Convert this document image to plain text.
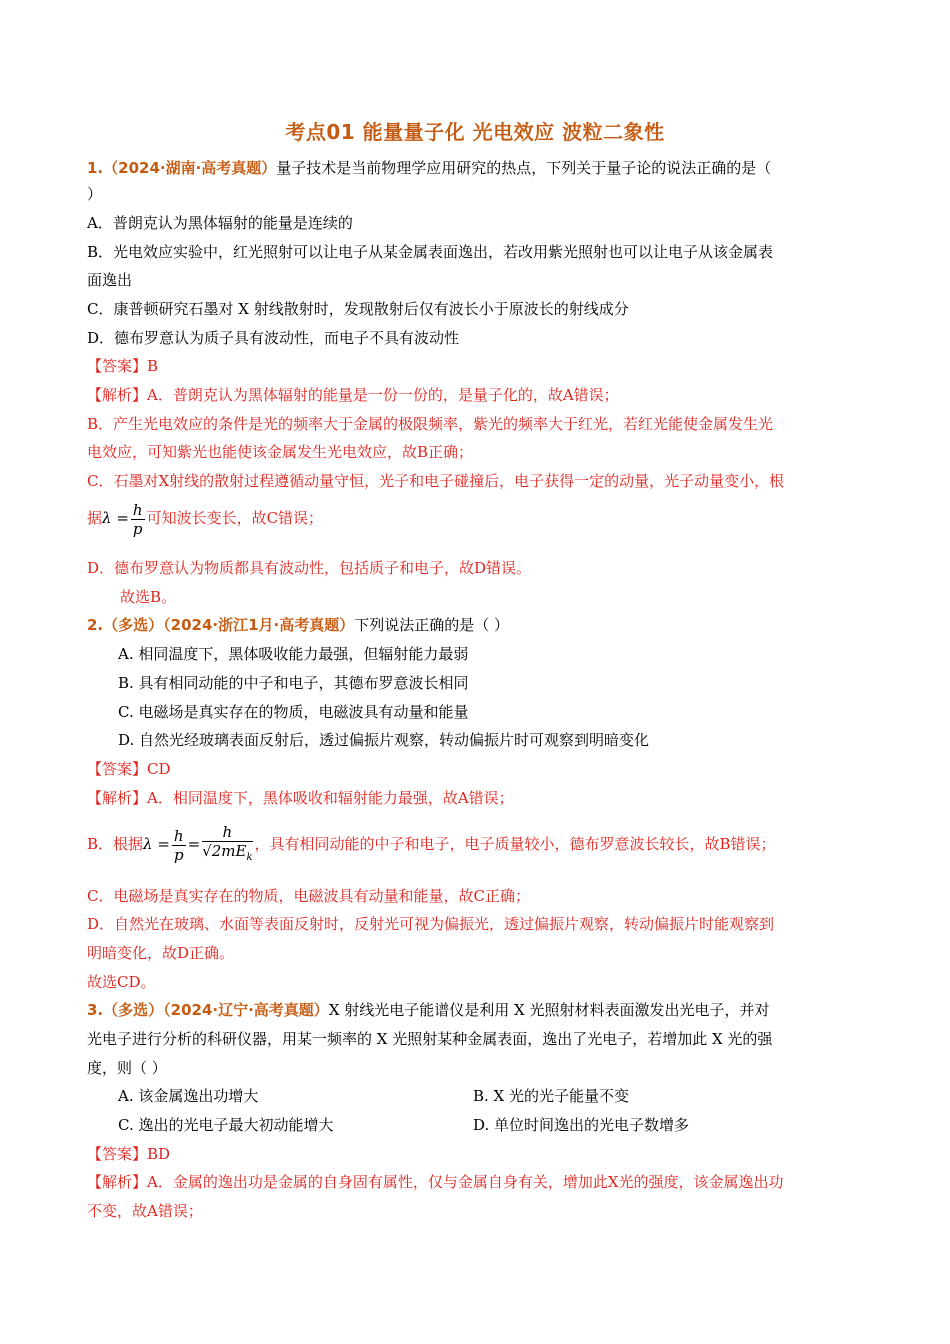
考点01 能量量子化 光电效应 波粒二象性
1.（2024·湖南·高考真题）量子技术是当前物理学应用研究的热点，下列关于量子论的说法正确的是（
）
A．普朗克认为黑体辐射的能量是连续的
B．光电效应实验中，红光照射可以让电子从某金属表面逸出，若改用紫光照射也可以让电子从该金属表
面逸出
C．康普顿研究石墨对 X 射线散射时，发现散射后仅有波长小于原波长的射线成分
D．德布罗意认为质子具有波动性，而电子不具有波动性
【答案】B
【解析】A．普朗克认为黑体辐射的能量是一份一份的，是量子化的，故A错误；
B．产生光电效应的条件是光的频率大于金属的极限频率，紫光的频率大于红光，若红光能使金属发生光
电效应，可知紫光也能使该金属发生光电效应，故B正确；
C．石墨对X射线的散射过程遵循动量守恒，光子和电子碰撞后，电子获得一定的动量，光子动量变小，根
据$\lambda = \frac{h}{p}$ 可知波长变长，故C错误；
D．德布罗意认为物质都具有波动性，包括质子和电子，故D错误。
故选B。
2.（多选）（2024·浙江1月·高考真题）下列说法正确的是（ ）
A. 相同温度下，黑体吸收能力最强，但辐射能力最弱
B. 具有相同动能的中子和电子，其德布罗意波长相同
C. 电磁场是真实存在的物质，电磁波具有动量和能量
D. 自然光经玻璃表面反射后，透过偏振片观察，转动偏振片时可观察到明暗变化
【答案】CD
【解析】A．相同温度下，黑体吸收和辐射能力最强，故A错误；
B．根据$\lambda = \frac{h}{p} = \frac{h}{√2mE_k}$ ，具有相同动能的中子和电子，电子质量较小，德布罗意波长较长，故B错误；
C．电磁场是真实存在的物质，电磁波具有动量和能量，故C正确；
D．自然光在玻璃、水面等表面反射时，反射光可视为偏振光，透过偏振片观察，转动偏振片时能观察到
明暗变化，故D正确。
故选CD。
3.（多选）（2024·辽宁·高考真题）X 射线光电子能谱仪是利用 X 光照射材料表面激发出光电子，并对
光电子进行分析的科研仪器，用某一频率的 X 光照射某种金属表面，逸出了光电子，若增加此 X 光的强
度，则（ ）
A. 该金属逸出功增大	B. X 光的光子能量不变
C. 逸出的光电子最大初动能增大	D. 单位时间逸出的光电子数增多
【答案】BD
【解析】A．金属的逸出功是金属的自身固有属性，仅与金属自身有关，增加此X光的强度，该金属逸出功
不变，故A错误；
